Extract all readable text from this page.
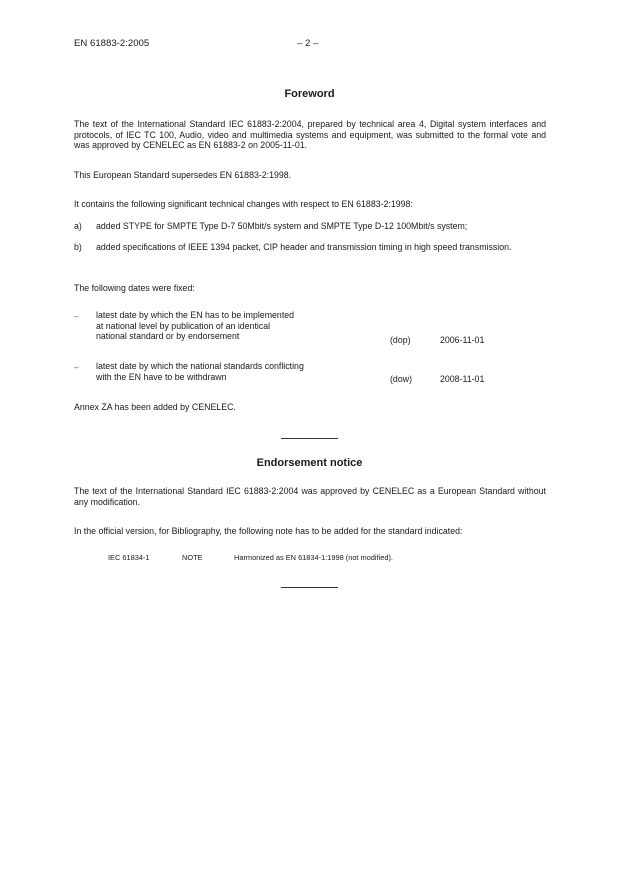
EN 61883-2:2005	– 2 –
Foreword

The text of the International Standard IEC 61883-2:2004, prepared by technical area 4, Digital system interfaces and protocols, of IEC TC 100, Audio, video and multimedia systems and equipment, was submitted to the formal vote and was approved by CENELEC as EN 61883-2 on 2005-11-01.

This European Standard supersedes EN 61883-2:1998.

It contains the following significant technical changes with respect to EN 61883-2:1998:

a) added STYPE for SMPTE Type D-7 50Mbit/s system and SMPTE Type D-12 100Mbit/s system;
b) added specifications of IEEE 1394 packet, CIP header and transmission timing in high speed transmission.

The following dates were fixed:

– latest date by which the EN has to be implemented
at national level by publication of an identical
national standard or by endorsement	(dop)	2006-11-01
– latest date by which the national standards conflicting
with the EN have to be withdrawn	(dow)	2008-11-01

Annex ZA has been added by CENELEC.

Endorsement notice

The text of the International Standard IEC 61883-2:2004 was approved by CENELEC as a European Standard without any modification.

In the official version, for Bibliography, the following note has to be added for the standard indicated:

IEC 61834-1	NOTE	Harmonized as EN 61834-1:1998 (not modified).
